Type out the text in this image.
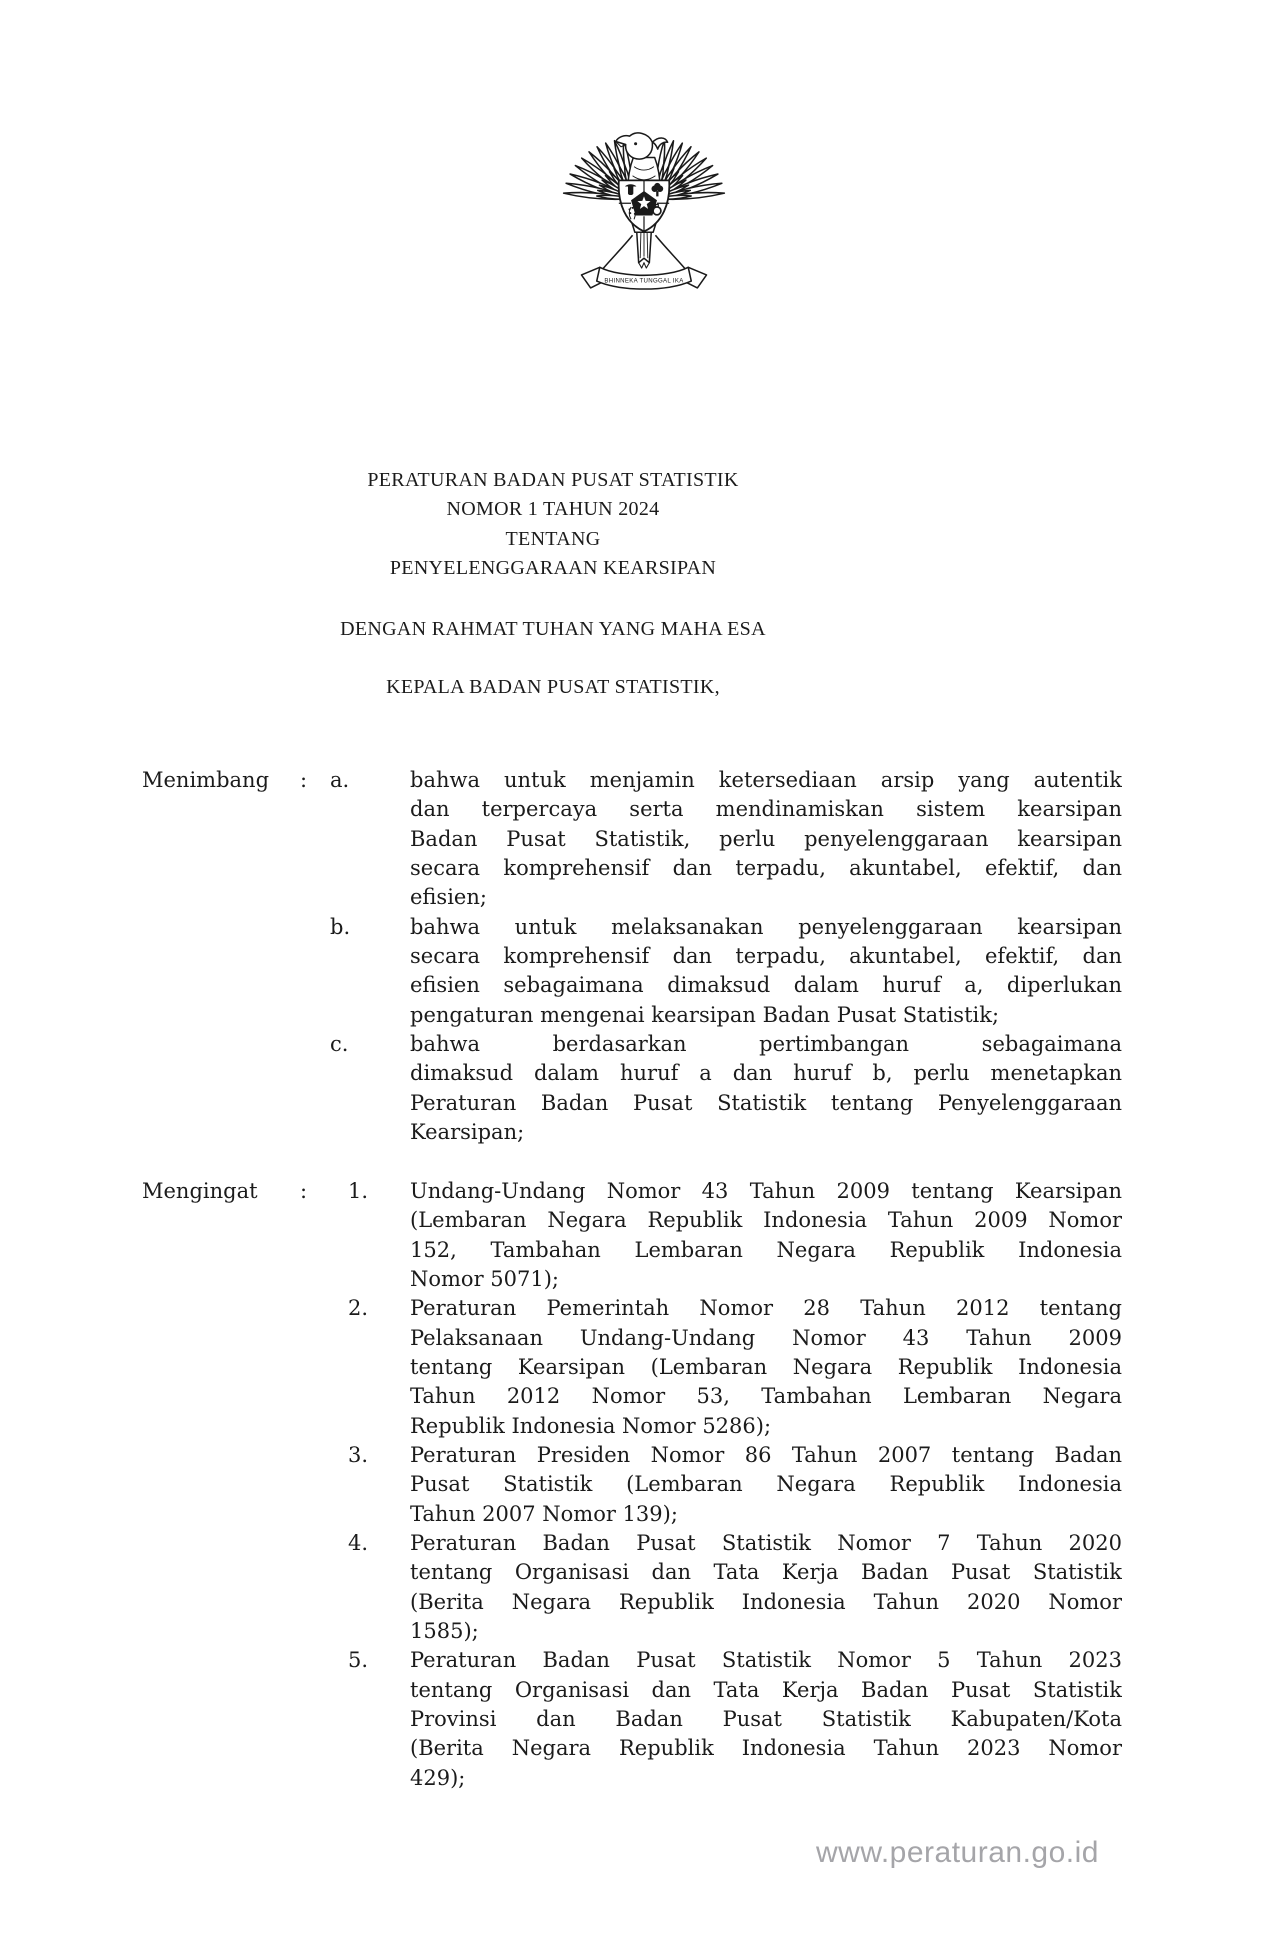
BHINNEKA TUNGGAL IKA
PERATURAN BADAN PUSAT STATISTIK
NOMOR 1 TAHUN 2024
TENTANG
PENYELENGGARAAN KEARSIPAN
DENGAN RAHMAT TUHAN YANG MAHA ESA
KEPALA BADAN PUSAT STATISTIK,
Menimbang : a.	bahwa untuk menjamin ketersediaan arsip yang autentik
dan terpercaya serta mendinamiskan sistem kearsipan
Badan Pusat Statistik, perlu penyelenggaraan kearsipan
secara komprehensif dan terpadu, akuntabel, efektif, dan
efisien;
b.	bahwa untuk melaksanakan penyelenggaraan kearsipan
secara komprehensif dan terpadu, akuntabel, efektif, dan
efisien sebagaimana dimaksud dalam huruf a, diperlukan
pengaturan mengenai kearsipan Badan Pusat Statistik;
c.	bahwa berdasarkan pertimbangan sebagaimana
dimaksud dalam huruf a dan huruf b, perlu menetapkan
Peraturan Badan Pusat Statistik tentang Penyelenggaraan
Kearsipan;
Mengingat : 1. Undang-Undang Nomor 43 Tahun 2009 tentang Kearsipan
(Lembaran Negara Republik Indonesia Tahun 2009 Nomor
152, Tambahan Lembaran Negara Republik Indonesia
Nomor 5071);
2. Peraturan Pemerintah Nomor 28 Tahun 2012 tentang
Pelaksanaan Undang-Undang Nomor 43 Tahun 2009
tentang Kearsipan (Lembaran Negara Republik Indonesia
Tahun 2012 Nomor 53, Tambahan Lembaran Negara
Republik Indonesia Nomor 5286);
3. Peraturan Presiden Nomor 86 Tahun 2007 tentang Badan
Pusat Statistik (Lembaran Negara Republik Indonesia
Tahun 2007 Nomor 139);
4. Peraturan Badan Pusat Statistik Nomor 7 Tahun 2020
tentang Organisasi dan Tata Kerja Badan Pusat Statistik
(Berita Negara Republik Indonesia Tahun 2020 Nomor
1585);
5. Peraturan Badan Pusat Statistik Nomor 5 Tahun 2023
tentang Organisasi dan Tata Kerja Badan Pusat Statistik
Provinsi dan Badan Pusat Statistik Kabupaten/Kota
(Berita Negara Republik Indonesia Tahun 2023 Nomor
429);
www.peraturan.go.id
